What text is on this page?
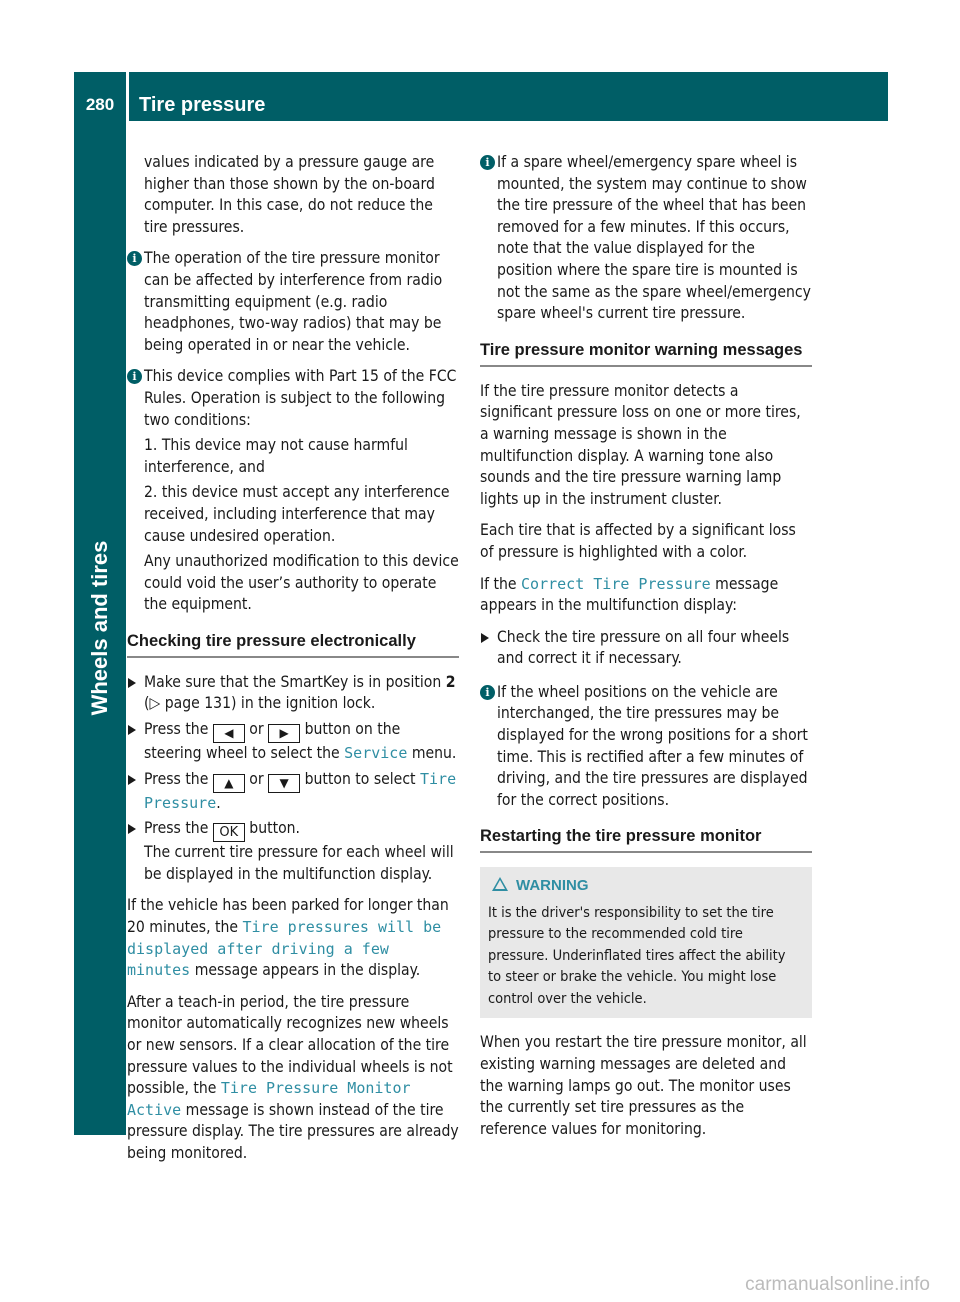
280	Tire pressure
Wheels and tires

values indicated by a pressure gauge are higher than those shown by the on-board computer. In this case, do not reduce the tire pressures.

i The operation of the tire pressure monitor can be affected by interference from radio transmitting equipment (e.g. radio headphones, two-way radios) that may be being operated in or near the vehicle.

i This device complies with Part 15 of the FCC Rules. Operation is subject to the following two conditions:

1. This device may not cause harmful interference, and

2. this device must accept any interference received, including interference that may cause undesired operation.

Any unauthorized modification to this device could void the user’s authority to operate the equipment.

Checking tire pressure electronically
Make sure that the SmartKey is in position 2 (▷ page 131) in the ignition lock.
Press the ◀ or ▶ button on the steering wheel to select the Service menu.
Press the ▲ or ▼ button to select Tire Pressure.
Press the OK button.
The current tire pressure for each wheel will be displayed in the multifunction display.

If the vehicle has been parked for longer than 20 minutes, the Tire pressures will be displayed after driving a few minutes message appears in the display.

After a teach-in period, the tire pressure monitor automatically recognizes new wheels or new sensors. If a clear allocation of the tire pressure values to the individual wheels is not possible, the Tire Pressure Monitor Active message is shown instead of the tire pressure display. The tire pressures are already being monitored.

i If a spare wheel/emergency spare wheel is mounted, the system may continue to show the tire pressure of the wheel that has been removed for a few minutes. If this occurs, note that the value displayed for the position where the spare tire is mounted is not the same as the spare wheel/emergency spare wheel's current tire pressure.

Tire pressure monitor warning messages

If the tire pressure monitor detects a significant pressure loss on one or more tires, a warning message is shown in the multifunction display. A warning tone also sounds and the tire pressure warning lamp lights up in the instrument cluster.

Each tire that is affected by a significant loss of pressure is highlighted with a color.

If the Correct Tire Pressure message appears in the multifunction display:

Check the tire pressure on all four wheels and correct it if necessary.
i If the wheel positions on the vehicle are interchanged, the tire pressures may be displayed for the wrong positions for a short time. This is rectified after a few minutes of driving, and the tire pressures are displayed for the correct positions.

Restarting the tire pressure monitor
WARNING
It is the driver's responsibility to set the tire pressure to the recommended cold tire pressure. Underinflated tires affect the ability to steer or brake the vehicle. You might lose control over the vehicle.

When you restart the tire pressure monitor, all existing warning messages are deleted and the warning lamps go out. The monitor uses the currently set tire pressures as the reference values for monitoring.

carmanualsonline.info
